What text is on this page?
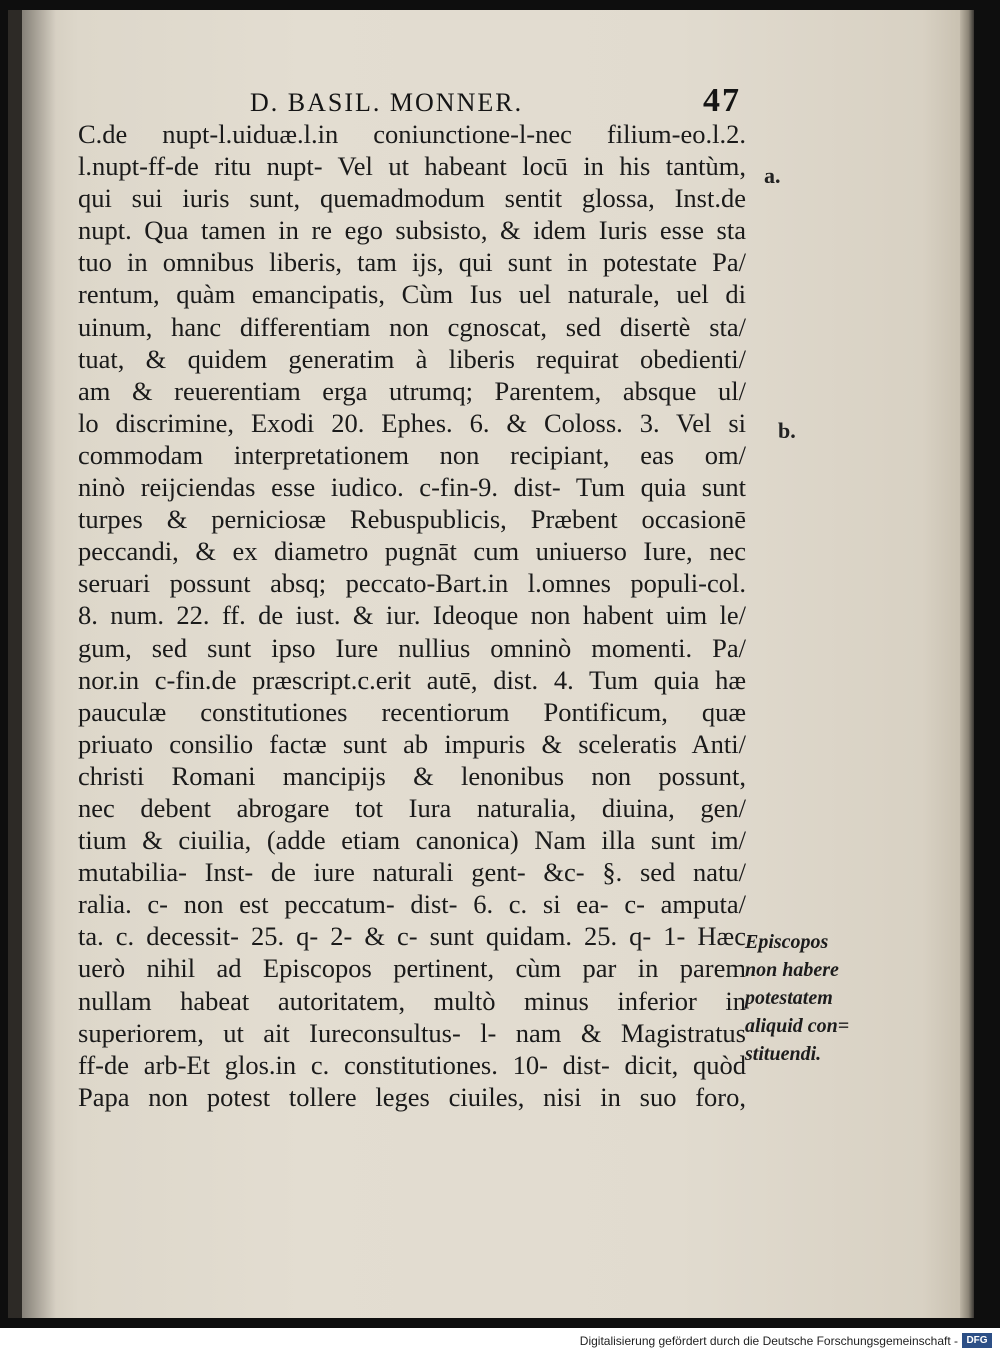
D. BASIL. MONNER.	47
C.de nupt-l.uiduæ.l.in coniunctione-l-nec filium-eo.l.2.
l.nupt-ff-de ritu nupt- Vel ut habeant locū in his tantùm,
qui sui iuris sunt, quemadmodum sentit glossa, Inst.de
nupt. Qua tamen in re ego subsisto, & idem Iuris esse sta
tuo in omnibus liberis, tam ijs, qui sunt in potestate Pa/
rentum, quàm emancipatis, Cùm Ius uel naturale, uel di
uinum, hanc differentiam non cgnoscat, sed disertè sta/
tuat, & quidem generatim à liberis requirat obedienti/
am & reuerentiam erga utrumq; Parentem, absque ul/
lo discrimine, Exodi 20. Ephes. 6. & Coloss. 3. Vel si
commodam interpretationem non recipiant, eas om/
ninò reijciendas esse iudico. c-fin-9. dist- Tum quia sunt
turpes & perniciosæ Rebuspublicis, Præbent occasionē
peccandi, & ex diametro pugnāt cum uniuerso Iure, nec
seruari possunt absq; peccato-Bart.in l.omnes populi-col.
8. num. 22. ff. de iust. & iur. Ideoque non habent uim le/
gum, sed sunt ipso Iure nullius omninò momenti. Pa/
nor.in c-fin.de præscript.c.erit autē, dist. 4. Tum quia hæ
pauculæ constitutiones recentiorum Pontificum, quæ
priuato consilio factæ sunt ab impuris & sceleratis Anti/
christi Romani mancipijs & lenonibus non possunt,
nec debent abrogare tot Iura naturalia, diuina, gen/
tium & ciuilia, (adde etiam canonica) Nam illa sunt im/
mutabilia- Inst- de iure naturali gent- &c- §. sed natu/
ralia. c- non est peccatum- dist- 6. c. si ea- c- amputa/
ta. c. decessit- 25. q- 2- & c- sunt quidam. 25. q- 1- Hæc
uerò nihil ad Episcopos pertinent, cùm par in parem
nullam habeat autoritatem, multò minus inferior in
superiorem, ut ait Iureconsultus- l- nam & Magistratus
ff-de arb-Et glos.in c. constitutiones. 10- dist- dicit, quòd
Papa non potest tollere leges ciuiles, nisi in suo foro,
a.
b.
Episcopos
non habere
potestatem
aliquid con=
stituendi.
Digitalisierung gefördert durch die Deutsche Forschungsgemeinschaft - DFG
